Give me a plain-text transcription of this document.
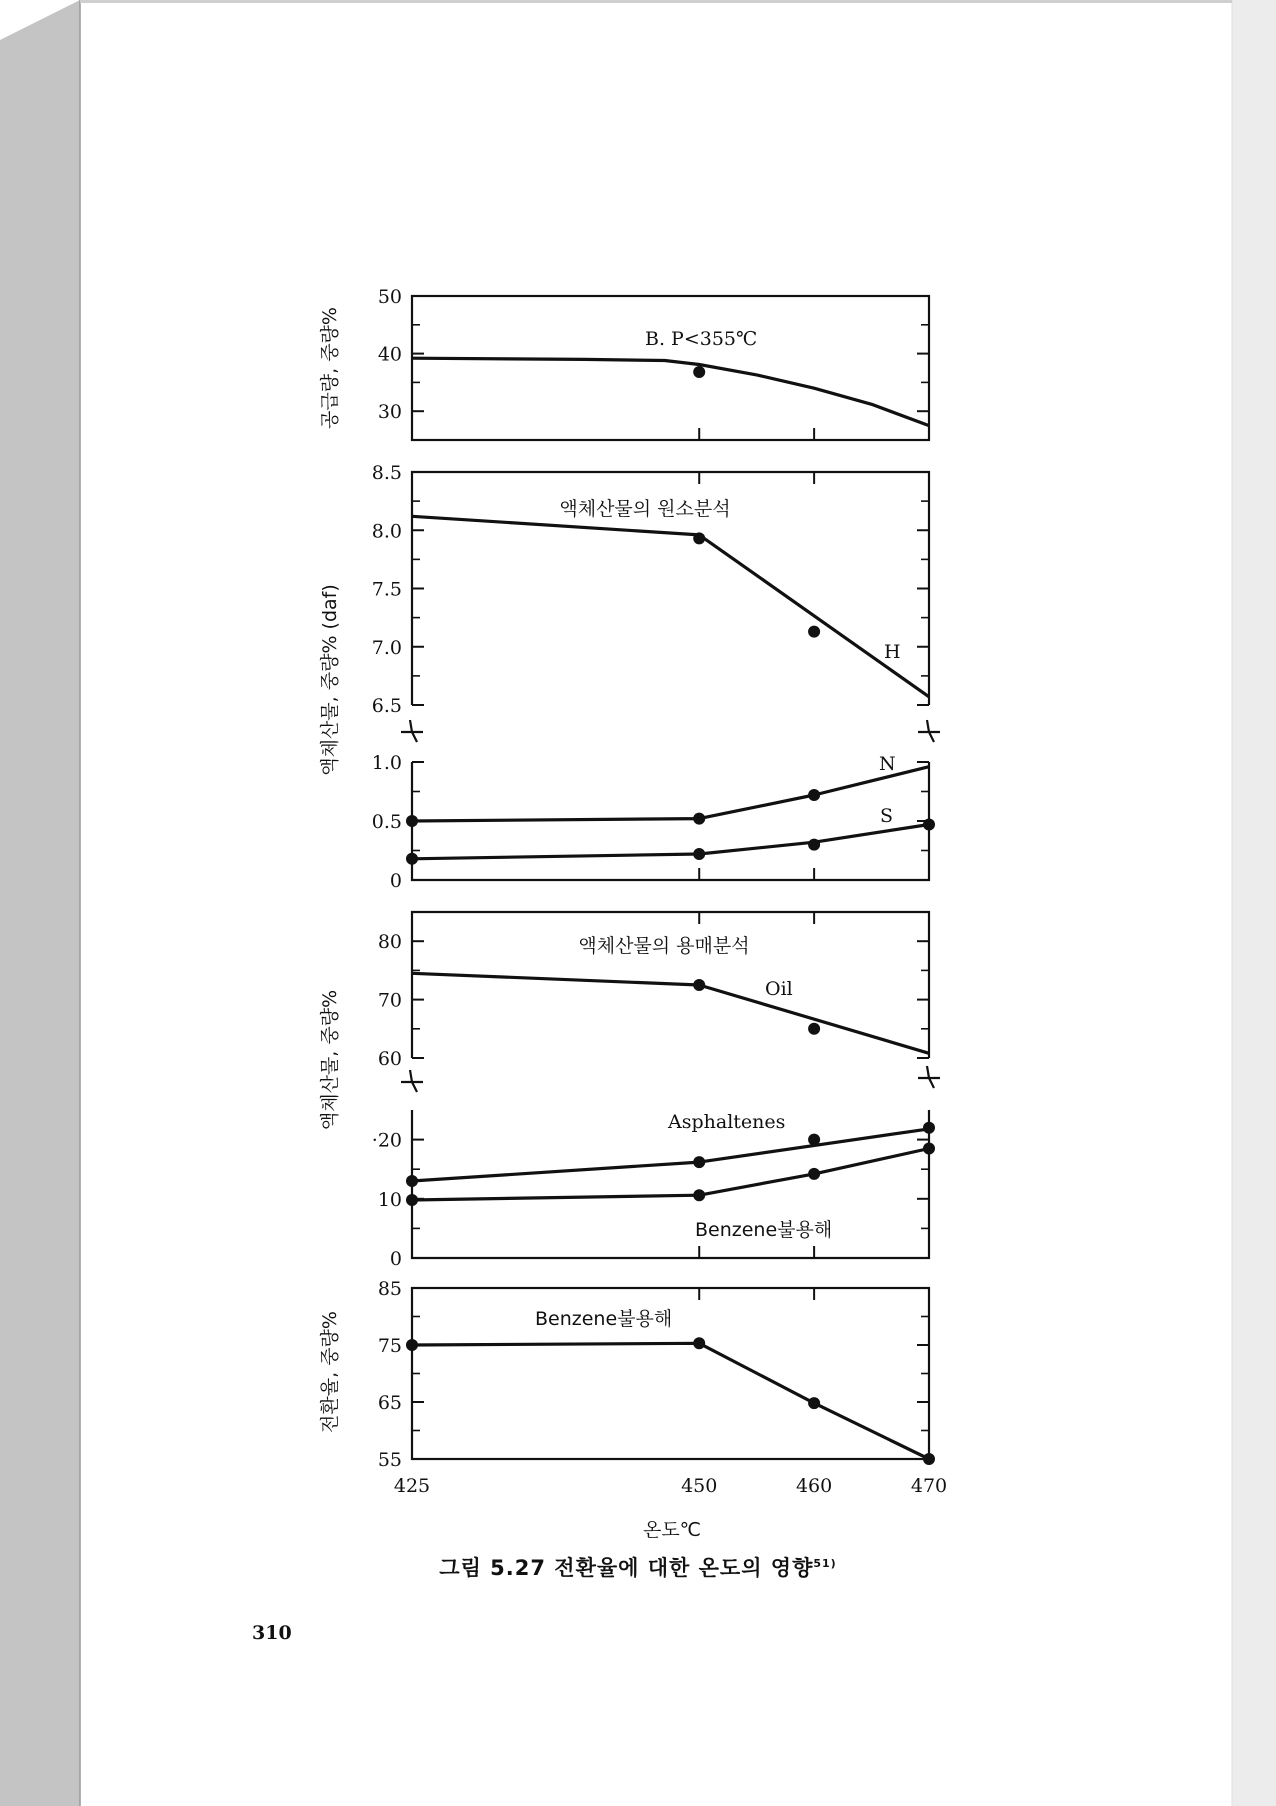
50
40
30
공급량, 중량%	B. P<355℃
8.5
8.0
7.5
7.0
6.5
1.0
0.5
0
액체산물, 중량% (daf)
액체산물의 원소분석
H
N
S
80
70
60
·20
10
0
액체산물, 중량%
액체산물의 용매분석
Oil
Asphaltenes
Benzene불용해
85
75
65
55
전환율, 중량%	Benzene불용해
425	450	460	470
온도℃
그림 5.27 전환율에 대한 온도의 영향$^{51)}$
310
